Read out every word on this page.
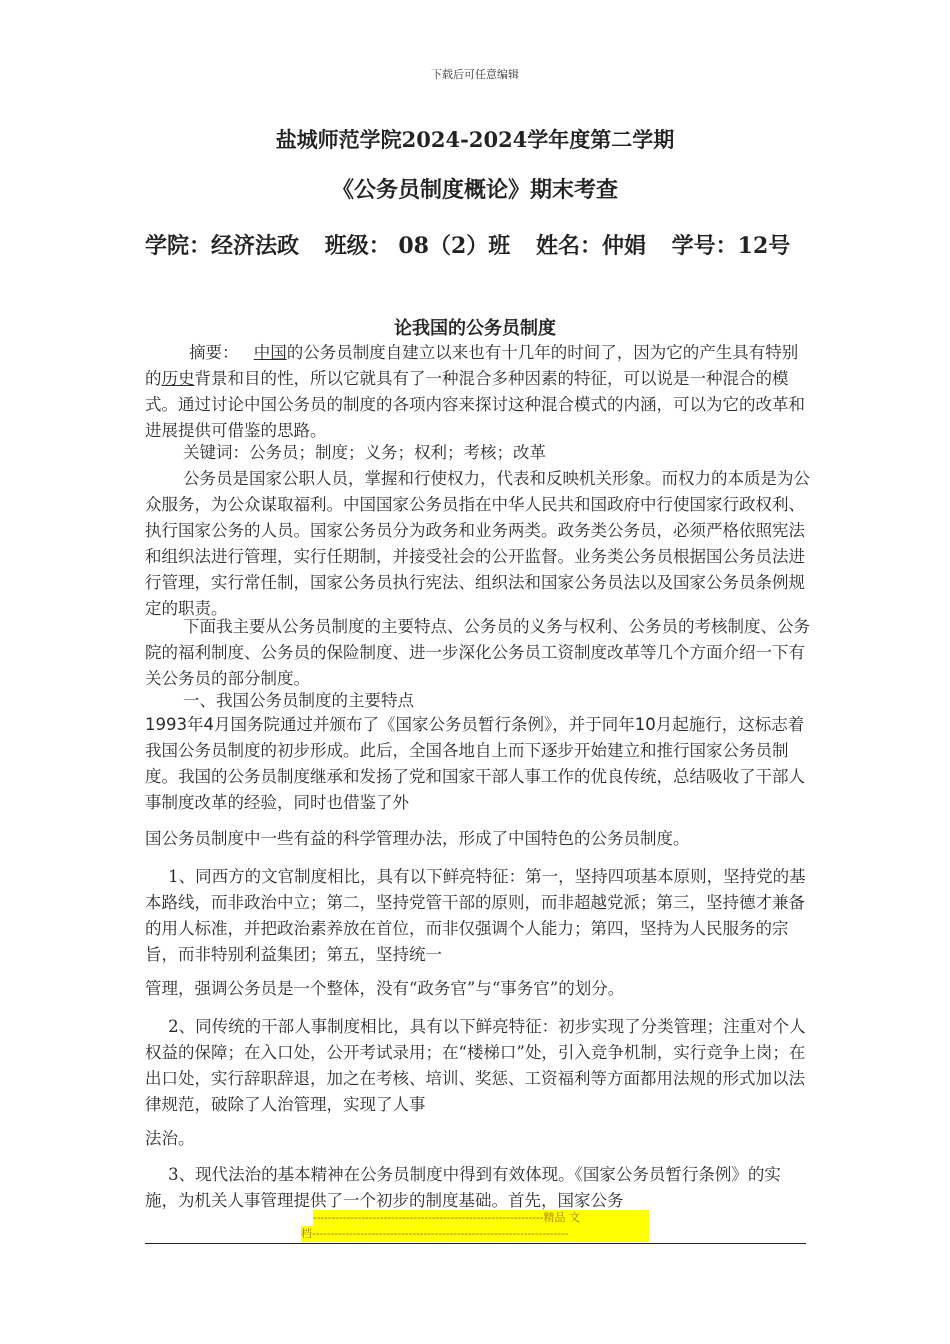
下载后可任意编辑
盐城师范学院2024-2024学年度第二学期
《公务员制度概论》期末考查
学院：经济法政 班级： 08（2）班 姓名：仲娟 学号：12号
论我国的公务员制度
摘要： 中国的公务员制度自建立以来也有十几年的时间了，因为它的产生具有特别的历史背景和目的性，所以它就具有了一种混合多种因素的特征，可以说是一种混合的模式。通过讨论中国公务员的制度的各项内容来探讨这种混合模式的内涵，可以为它的改革和进展提供可借鉴的思路。
关键词：公务员；制度；义务；权利；考核；改革
公务员是国家公职人员，掌握和行使权力，代表和反映机关形象。而权力的本质是为公众服务，为公众谋取福利。中国国家公务员指在中华人民共和国政府中行使国家行政权利、执行国家公务的人员。国家公务员分为政务和业务两类。政务类公务员，必须严格依照宪法和组织法进行管理，实行任期制，并接受社会的公开监督。业务类公务员根据国公务员法进行管理，实行常任制，国家公务员执行宪法、组织法和国家公务员法以及国家公务员条例规定的职责。
下面我主要从公务员制度的主要特点、公务员的义务与权利、公务员的考核制度、公务院的福利制度、公务员的保险制度、进一步深化公务员工资制度改革等几个方面介绍一下有关公务员的部分制度。
一、我国公务员制度的主要特点
1993年4月国务院通过并颁布了《国家公务员暂行条例》，并于同年10月起施行，这标志着我国公务员制度的初步形成。此后，全国各地自上而下逐步开始建立和推行国家公务员制度。我国的公务员制度继承和发扬了党和国家干部人事工作的优良传统，总结吸收了干部人事制度改革的经验，同时也借鉴了外
国公务员制度中一些有益的科学管理办法，形成了中国特色的公务员制度。
1、同西方的文官制度相比，具有以下鲜亮特征：第一，坚持四项基本原则，坚持党的基本路线，而非政治中立；第二，坚持党管干部的原则，而非超越党派；第三，坚持德才兼备的用人标准，并把政治素养放在首位，而非仅强调个人能力；第四，坚持为人民服务的宗旨，而非特别利益集团；第五，坚持统一
管理，强调公务员是一个整体，没有“政务官”与“事务官”的划分。
2、同传统的干部人事制度相比，具有以下鲜亮特征：初步实现了分类管理；注重对个人权益的保障；在入口处，公开考试录用；在“楼梯口”处，引入竞争机制，实行竞争上岗；在出口处，实行辞职辞退，加之在考核、培训、奖惩、工资福利等方面都用法规的形式加以法律规范，破除了人治管理，实现了人事
法治。
3、现代法治的基本精神在公务员制度中得到有效体现。《国家公务员暂行条例》的实施，为机关人事管理提供了一个初步的制度基础。首先，国家公务
--------------------------------------------------------------精品 文
档---------------------------------------------------------------------
